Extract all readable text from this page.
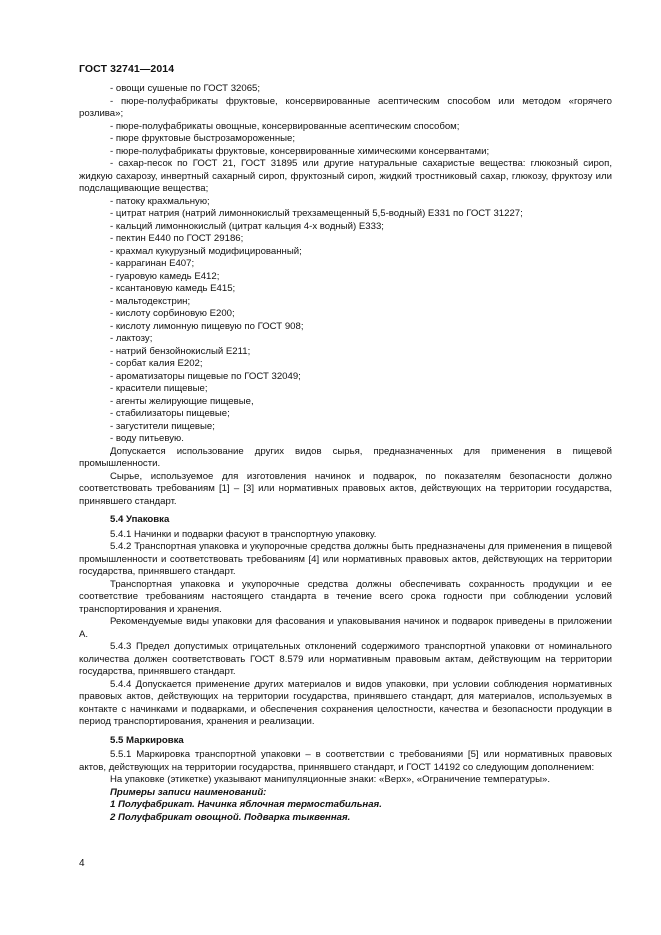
ГОСТ 32741—2014

- овощи сушеные по ГОСТ 32065;

- пюре-полуфабрикаты фруктовые, консервированные асептическим способом или методом «горячего розлива»;

- пюре-полуфабрикаты овощные, консервированные асептическим способом;

- пюре фруктовые быстрозамороженные;

- пюре-полуфабрикаты фруктовые, консервированные химическими консервантами;

- сахар-песок по ГОСТ 21, ГОСТ 31895 или другие натуральные сахаристые вещества: глюкозный сироп, жидкую сахарозу, инвертный сахарный сироп, фруктозный сироп, жидкий тростниковый сахар, глюкозу, фруктозу или подслащивающие вещества;

- патоку крахмальную;

- цитрат натрия (натрий лимоннокислый трехзамещенный 5,5-водный) Е331 по ГОСТ 31227;

- кальций лимоннокислый (цитрат кальция 4-х водный) Е333;

- пектин Е440 по ГОСТ 29186;

- крахмал кукурузный модифицированный;

- каррагинан Е407;

- гуаровую камедь Е412;

- ксантановую камедь Е415;

- мальтодекстрин;

- кислоту сорбиновую Е200;

- кислоту лимонную пищевую по ГОСТ 908;

- лактозу;

- натрий бензойнокислый Е211;

- сорбат калия Е202;

- ароматизаторы пищевые по ГОСТ 32049;

- красители пищевые;

- агенты желирующие пищевые,

- стабилизаторы пищевые;

- загустители пищевые;

- воду питьевую.

Допускается использование других видов сырья, предназначенных для применения в пищевой промышленности.

Сырье, используемое для изготовления начинок и подварок, по показателям безопасности должно соответствовать требованиям [1] – [3] или нормативных правовых актов, действующих на территории государства, принявшего стандарт.

5.4 Упаковка

5.4.1 Начинки и подварки фасуют в транспортную упаковку.

5.4.2 Транспортная упаковка и укупорочные средства должны быть предназначены для применения в пищевой промышленности и соответствовать требованиям [4] или нормативных правовых актов, действующих на территории государства, принявшего стандарт.

Транспортная упаковка и укупорочные средства должны обеспечивать сохранность продукции и ее соответствие требованиям настоящего стандарта в течение всего срока годности при соблюдении условий транспортирования и хранения.

Рекомендуемые виды упаковки для фасования и упаковывания начинок и подварок приведены в приложении А.

5.4.3 Предел допустимых отрицательных отклонений содержимого транспортной упаковки от номинального количества должен соответствовать ГОСТ 8.579 или нормативным правовым актам, действующим на территории государства, принявшего стандарт.

5.4.4 Допускается применение других материалов и видов упаковки, при условии соблюдения нормативных правовых актов, действующих на территории государства, принявшего стандарт, для материалов, используемых в контакте с начинками и подварками, и обеспечения сохранения целостности, качества и безопасности продукции в период транспортирования, хранения и реализации.

5.5 Маркировка

5.5.1 Маркировка транспортной упаковки – в соответствии с требованиями [5] или нормативных правовых актов, действующих на территории государства, принявшего стандарт, и ГОСТ 14192 со следующим дополнением:

На упаковке (этикетке) указывают манипуляционные знаки: «Верх», «Ограничение температуры».

Примеры записи наименований:

1 Полуфабрикат. Начинка яблочная термостабильная.

2 Полуфабрикат овощной. Подварка тыквенная.

4
